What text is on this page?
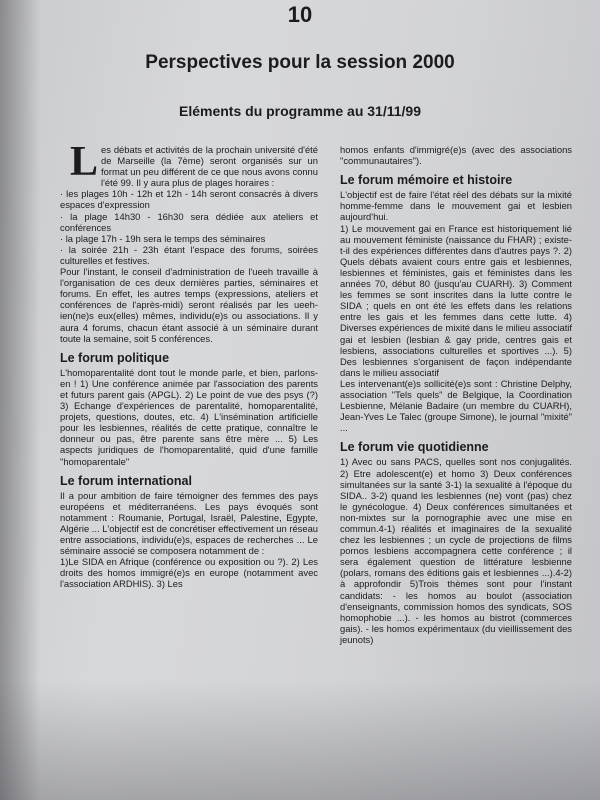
10
Perspectives pour la session 2000
Eléments du programme au 31/11/99
L es débats et activités de la prochain université d'été de Marseille (la 7ème) seront organisés sur un format un peu différent de ce que nous avons connu l'été 99. Il y aura plus de plages horaires :

· les plages 10h - 12h et 12h - 14h seront consacrés à divers espaces d'expression

· la plage 14h30 - 16h30 sera dédiée aux ateliers et conférences

· la plage 17h - 19h sera le temps des séminaires

· la soirée 21h - 23h étant l'espace des forums, soirées culturelles et festives.

Pour l'instant, le conseil d'administration de l'ueeh travaille à l'organisation de ces deux dernières parties, séminaires et forums. En effet, les autres temps (expressions, ateliers et conférences de l'après-midi) seront réalisés par les ueeh-ien(ne)s eux(elles) mêmes, individu(e)s ou associations. Il y aura 4 forums, chacun étant associé à un séminaire durant toute la semaine, soit 5 conférences.

Le forum politique

L'homoparentalité dont tout le monde parle, et bien, parlons-en ! 1) Une conférence animée par l'association des parents et futurs parent gais (APGL). 2) Le point de vue des psys (?) 3) Echange d'expériences de parentalité, homoparentalité, projets, questions, doutes, etc. 4) L'insémination artificielle pour les lesbiennes, réalités de cette pratique, connaître le donneur ou pas, être parente sans être mère ... 5) Les aspects juridiques de l'homoparentalité, quid d'une famille "homoparentale"

Le forum international

Il a pour ambition de faire témoigner des femmes des pays européens et méditerranéens. Les pays évoqués sont notamment : Roumanie, Portugal, Israël, Palestine, Egypte, Algérie ... L'objectif est de concrétiser effectivement un réseau entre associations, individu(e)s, espaces de recherches ... Le séminaire associé se composera notamment de :

1)Le SIDA en Afrique (conférence ou exposition ou ?). 2) Les droits des homos immigré(e)s en europe (notamment avec l'association ARDHIS). 3) Les

homos enfants d'immigré(e)s (avec des associations "communautaires").

Le forum mémoire et histoire

L'objectif est de faire l'état réel des débats sur la mixité homme-femme dans le mouvement gai et lesbien aujourd'hui.

1) Le mouvement gai en France est historiquement lié au mouvement féministe (naissance du FHAR) ; existe-t-il des expériences différentes dans d'autres pays ?. 2) Quels débats avaient cours entre gais et lesbiennes, lesbiennes et féministes, gais et féministes dans les années 70, début 80 (jusqu'au CUARH). 3) Comment les femmes se sont inscrites dans la lutte contre le SIDA ; quels en ont été les effets dans les relations entre les gais et les femmes dans cette lutte. 4) Diverses expériences de mixité dans le milieu associatif gai et lesbien (lesbian & gay pride, centres gais et lesbiens, associations culturelles et sportives ...). 5) Des lesbiennes s'organisent de façon indépendante dans le milieu associatif

Les intervenant(e)s sollicité(e)s sont : Christine Delphy, association "Tels quels" de Belgique, la Coordination Lesbienne, Mélanie Badaire (un membre du CUARH), Jean-Yves Le Talec (groupe Simone), le journal "mixité" ...

Le forum vie quotidienne

1) Avec ou sans PACS, quelles sont nos conjugalités. 2) Etre adolescent(e) et homo 3) Deux conférences simultanées sur la santé 3-1) la sexualité à l'époque du SIDA.. 3-2) quand les lesbiennes (ne) vont (pas) chez le gynécologue. 4) Deux conférences simultanées et non-mixtes sur la pornographie avec une mise en commun.4-1) réalités et imaginaires de la sexualité chez les lesbiennes ; un cycle de projections de films pornos lesbiens accompagnera cette conférence ; il sera également question de littérature lesbienne (polars, romans des éditions gais et lesbiennes ...).4-2) à approfondir 5)Trois thèmes sont pour l'instant candidats: - les homos au boulot (association d'enseignants, commission homos des syndicats, SOS homophobie ...). - les homos au bistrot (commerces gais). - les homos expérimentaux (du vieillissement des jeunots)
